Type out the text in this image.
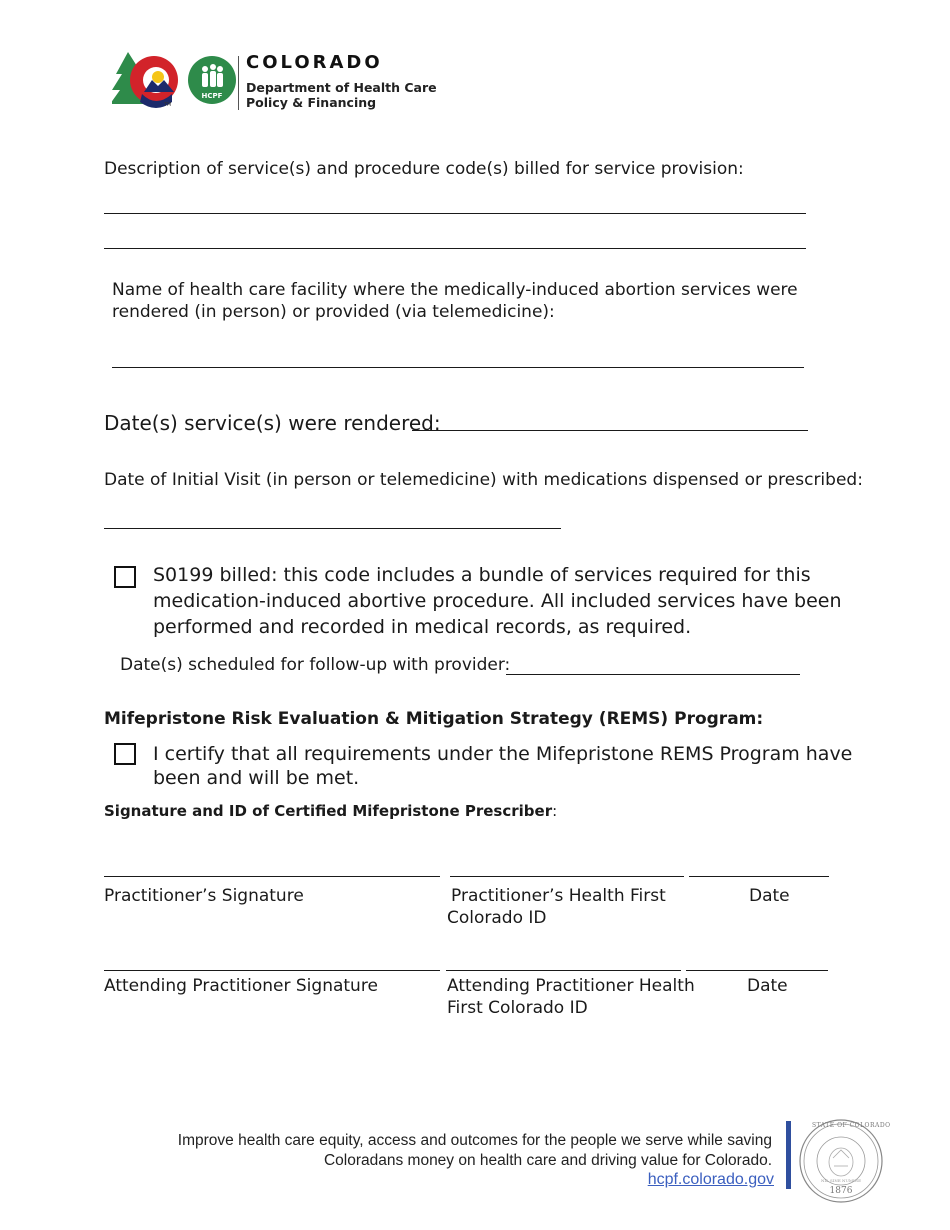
HCPF
TM
COLORADO
Department of Health Care
Policy & Financing
Description of service(s) and procedure code(s) billed for service provision:
Name of health care facility where the medically-induced abortion services were
rendered (in person) or provided (via telemedicine):
Date(s) service(s) were rendered:
Date of Initial Visit (in person or telemedicine) with medications dispensed or prescribed:
S0199 billed: this code includes a bundle of services required for this
medication-induced abortive procedure. All included services have been
performed and recorded in medical records, as required.
Date(s) scheduled for follow-up with provider:
Mifepristone Risk Evaluation & Mitigation Strategy (REMS) Program:
I certify that all requirements under the Mifepristone REMS Program have
been and will be met.
Signature and ID of Certified Mifepristone Prescriber:
Practitioner’s Signature	Practitioner’s Health First
Colorado ID
Date
Attending Practitioner Signature	Attending Practitioner Health
First Colorado ID
Date
Improve health care equity, access and outcomes for the people we serve while saving
Coloradans money on health care and driving value for Colorado.
hcpf.colorado.gov
STATE OF COLORADO
NIL SINE NUMINE
1876
